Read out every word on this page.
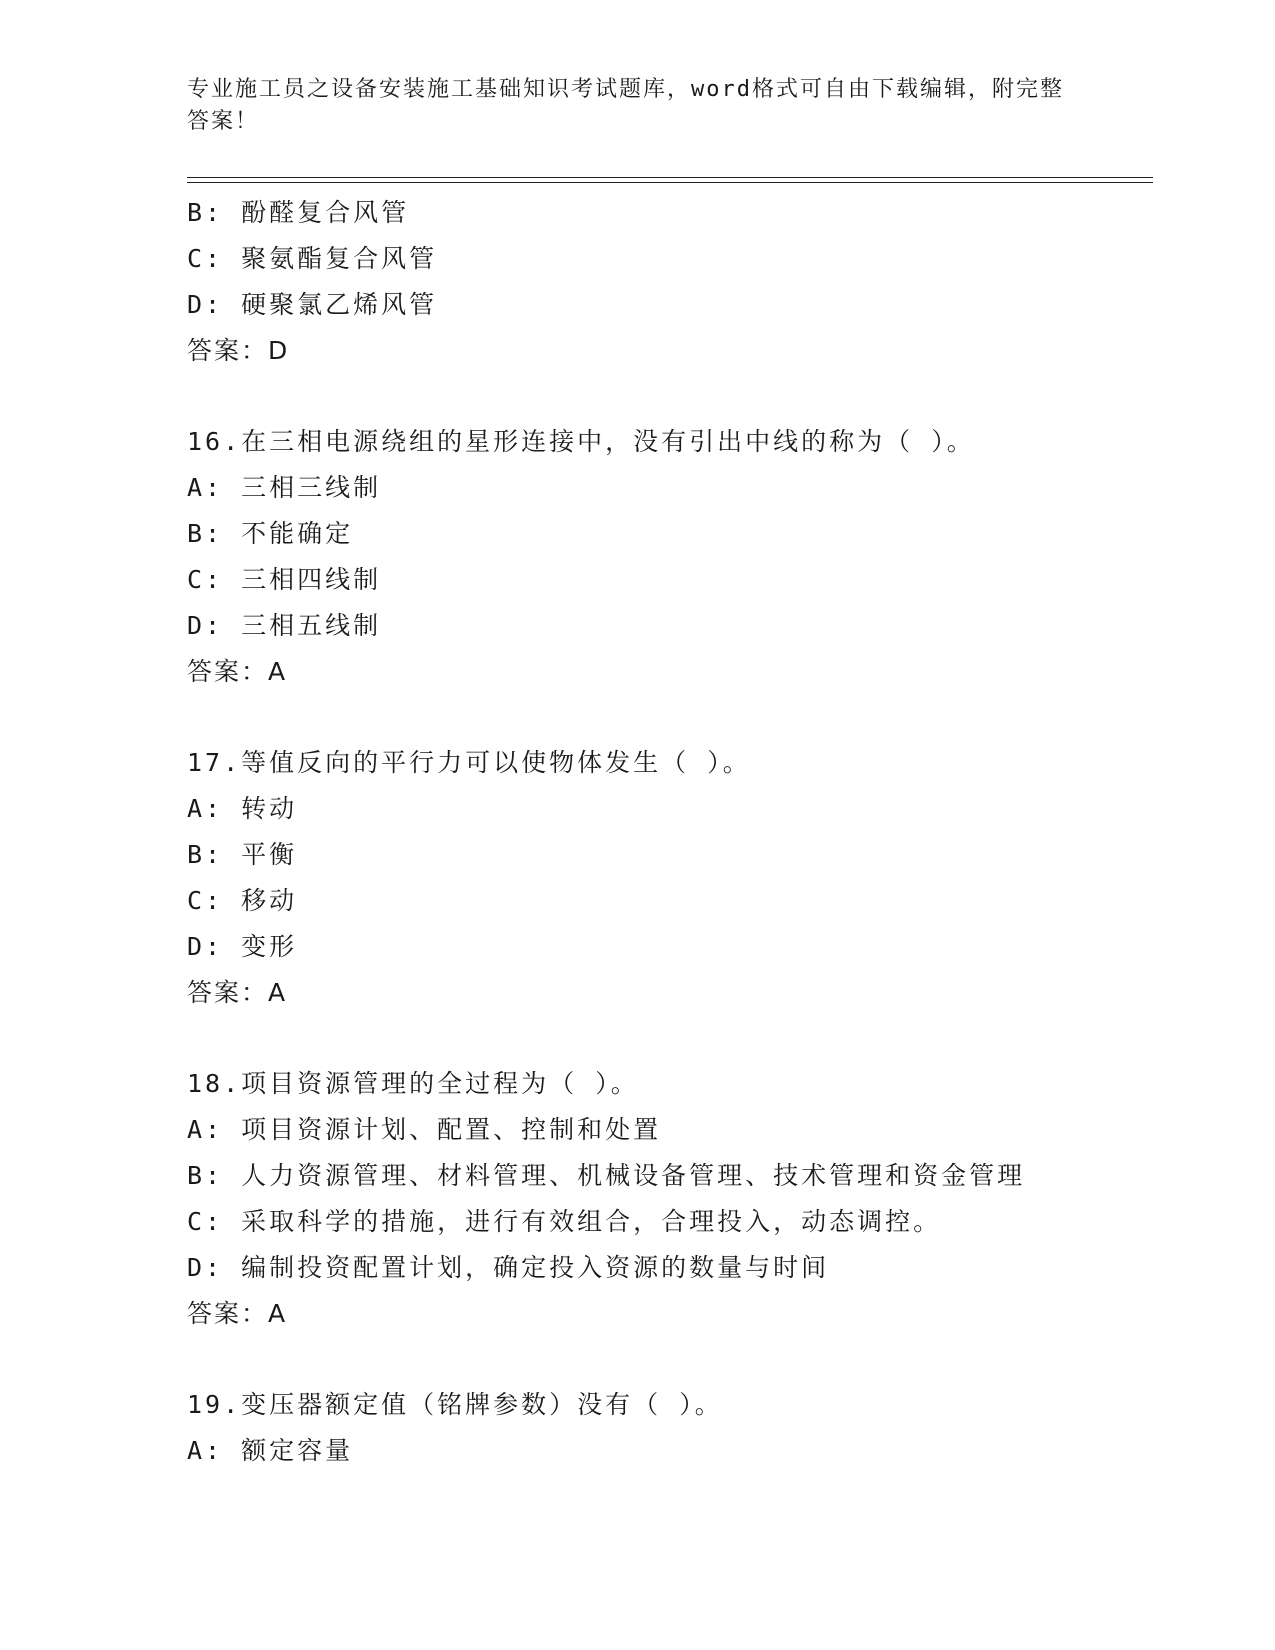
专业施工员之设备安装施工基础知识考试题库，word格式可自由下载编辑，附完整答案！
B: 酚醛复合风管
C: 聚氨酯复合风管
D: 硬聚氯乙烯风管
答案：D
16.在三相电源绕组的星形连接中，没有引出中线的称为（ ）。
A: 三相三线制
B: 不能确定
C: 三相四线制
D: 三相五线制
答案：A
17.等值反向的平行力可以使物体发生（ ）。
A: 转动
B: 平衡
C: 移动
D: 变形
答案：A
18.项目资源管理的全过程为（ ）。
A: 项目资源计划、配置、控制和处置
B: 人力资源管理、材料管理、机械设备管理、技术管理和资金管理
C: 采取科学的措施，进行有效组合，合理投入，动态调控。
D: 编制投资配置计划，确定投入资源的数量与时间
答案：A
19.变压器额定值（铭牌参数）没有（ ）。
A: 额定容量
